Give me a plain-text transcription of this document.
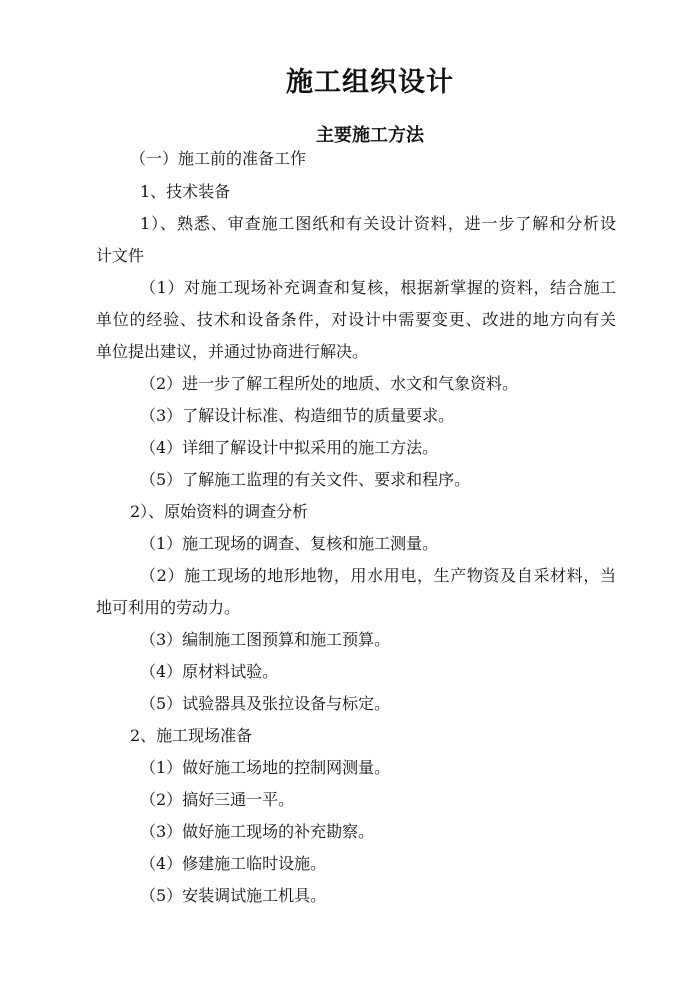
施工组织设计
主要施工方法

（一）施工前的准备工作

1、技术装备

1）、熟悉、审查施工图纸和有关设计资料，进一步了解和分析设

计文件

（1）对施工现场补充调查和复核，根据新掌握的资料，结合施工

单位的经验、技术和设备条件，对设计中需要变更、改进的地方向有关

单位提出建议，并通过协商进行解决。

（2）进一步了解工程所处的地质、水文和气象资料。

（3）了解设计标准、构造细节的质量要求。

（4）详细了解设计中拟采用的施工方法。

（5）了解施工监理的有关文件、要求和程序。

2）、原始资料的调查分析

（1）施工现场的调查、复核和施工测量。

（2）施工现场的地形地物，用水用电，生产物资及自采材料，当

地可利用的劳动力。

（3）编制施工图预算和施工预算。

（4）原材料试验。

（5）试验器具及张拉设备与标定。

2、施工现场准备

（1）做好施工场地的控制网测量。

（2）搞好三通一平。

（3）做好施工现场的补充勘察。

（4）修建施工临时设施。

（5）安装调试施工机具。
